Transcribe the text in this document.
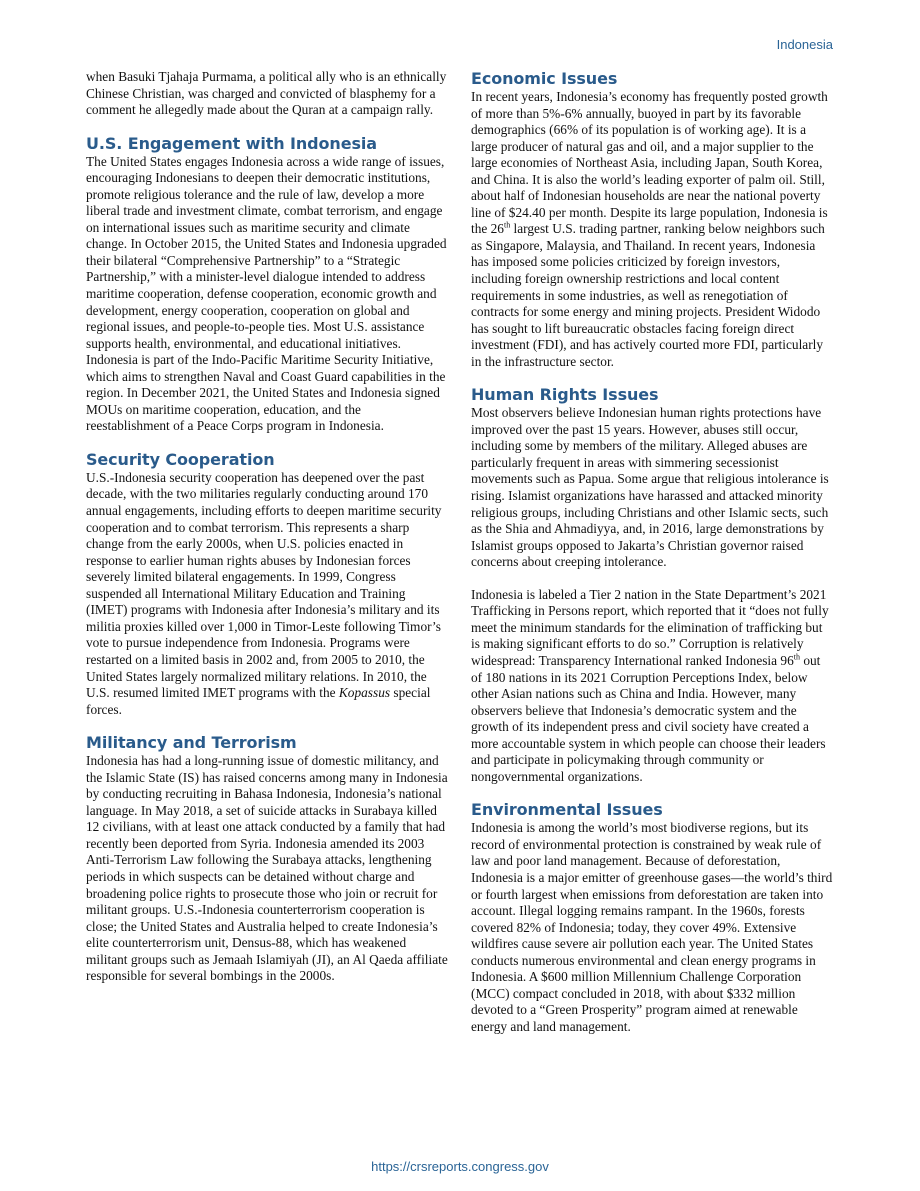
Indonesia

when Basuki Tjahaja Purmama, a political ally who is an ethnically Chinese Christian, was charged and convicted of blasphemy for a comment he allegedly made about the Quran at a campaign rally.

U.S. Engagement with Indonesia

The United States engages Indonesia across a wide range of issues, encouraging Indonesians to deepen their democratic institutions, promote religious tolerance and the rule of law, develop a more liberal trade and investment climate, combat terrorism, and engage on international issues such as maritime security and climate change. In October 2015, the United States and Indonesia upgraded their bilateral “Comprehensive Partnership” to a “Strategic Partnership,” with a minister-level dialogue intended to address maritime cooperation, defense cooperation, economic growth and development, energy cooperation, cooperation on global and regional issues, and people-to-people ties. Most U.S. assistance supports health, environmental, and educational initiatives. Indonesia is part of the Indo-Pacific Maritime Security Initiative, which aims to strengthen Naval and Coast Guard capabilities in the region. In December 2021, the United States and Indonesia signed MOUs on maritime cooperation, education, and the reestablishment of a Peace Corps program in Indonesia.

Security Cooperation

U.S.-Indonesia security cooperation has deepened over the past decade, with the two militaries regularly conducting around 170 annual engagements, including efforts to deepen maritime security cooperation and to combat terrorism. This represents a sharp change from the early 2000s, when U.S. policies enacted in response to earlier human rights abuses by Indonesian forces severely limited bilateral engagements. In 1999, Congress suspended all International Military Education and Training (IMET) programs with Indonesia after Indonesia’s military and its militia proxies killed over 1,000 in Timor-Leste following Timor’s vote to pursue independence from Indonesia. Programs were restarted on a limited basis in 2002 and, from 2005 to 2010, the United States largely normalized military relations. In 2010, the U.S. resumed limited IMET programs with the Kopassus special forces.

Militancy and Terrorism

Indonesia has had a long-running issue of domestic militancy, and the Islamic State (IS) has raised concerns among many in Indonesia by conducting recruiting in Bahasa Indonesia, Indonesia’s national language. In May 2018, a set of suicide attacks in Surabaya killed 12 civilians, with at least one attack conducted by a family that had recently been deported from Syria. Indonesia amended its 2003 Anti-Terrorism Law following the Surabaya attacks, lengthening periods in which suspects can be detained without charge and broadening police rights to prosecute those who join or recruit for militant groups. U.S.-Indonesia counterterrorism cooperation is close; the United States and Australia helped to create Indonesia’s elite counterterrorism unit, Densus-88, which has weakened militant groups such as Jemaah Islamiyah (JI), an Al Qaeda affiliate responsible for several bombings in the 2000s.

Economic Issues

In recent years, Indonesia’s economy has frequently posted growth of more than 5%-6% annually, buoyed in part by its favorable demographics (66% of its population is of working age). It is a large producer of natural gas and oil, and a major supplier to the large economies of Northeast Asia, including Japan, South Korea, and China. It is also the world’s leading exporter of palm oil. Still, about half of Indonesian households are near the national poverty line of $24.40 per month. Despite its large population, Indonesia is the 26th largest U.S. trading partner, ranking below neighbors such as Singapore, Malaysia, and Thailand. In recent years, Indonesia has imposed some policies criticized by foreign investors, including foreign ownership restrictions and local content requirements in some industries, as well as renegotiation of contracts for some energy and mining projects. President Widodo has sought to lift bureaucratic obstacles facing foreign direct investment (FDI), and has actively courted more FDI, particularly in the infrastructure sector.

Human Rights Issues

Most observers believe Indonesian human rights protections have improved over the past 15 years. However, abuses still occur, including some by members of the military. Alleged abuses are particularly frequent in areas with simmering secessionist movements such as Papua. Some argue that religious intolerance is rising. Islamist organizations have harassed and attacked minority religious groups, including Christians and other Islamic sects, such as the Shia and Ahmadiyya, and, in 2016, large demonstrations by Islamist groups opposed to Jakarta’s Christian governor raised concerns about creeping intolerance.

Indonesia is labeled a Tier 2 nation in the State Department’s 2021 Trafficking in Persons report, which reported that it “does not fully meet the minimum standards for the elimination of trafficking but is making significant efforts to do so.” Corruption is relatively widespread: Transparency International ranked Indonesia 96th out of 180 nations in its 2021 Corruption Perceptions Index, below other Asian nations such as China and India. However, many observers believe that Indonesia’s democratic system and the growth of its independent press and civil society have created a more accountable system in which people can choose their leaders and participate in policymaking through community or nongovernmental organizations.

Environmental Issues

Indonesia is among the world’s most biodiverse regions, but its record of environmental protection is constrained by weak rule of law and poor land management. Because of deforestation, Indonesia is a major emitter of greenhouse gases—the world’s third or fourth largest when emissions from deforestation are taken into account. Illegal logging remains rampant. In the 1960s, forests covered 82% of Indonesia; today, they cover 49%. Extensive wildfires cause severe air pollution each year. The United States conducts numerous environmental and clean energy programs in Indonesia. A $600 million Millennium Challenge Corporation (MCC) compact concluded in 2018, with about $332 million devoted to a “Green Prosperity” program aimed at renewable energy and land management.

https://crsreports.congress.gov
